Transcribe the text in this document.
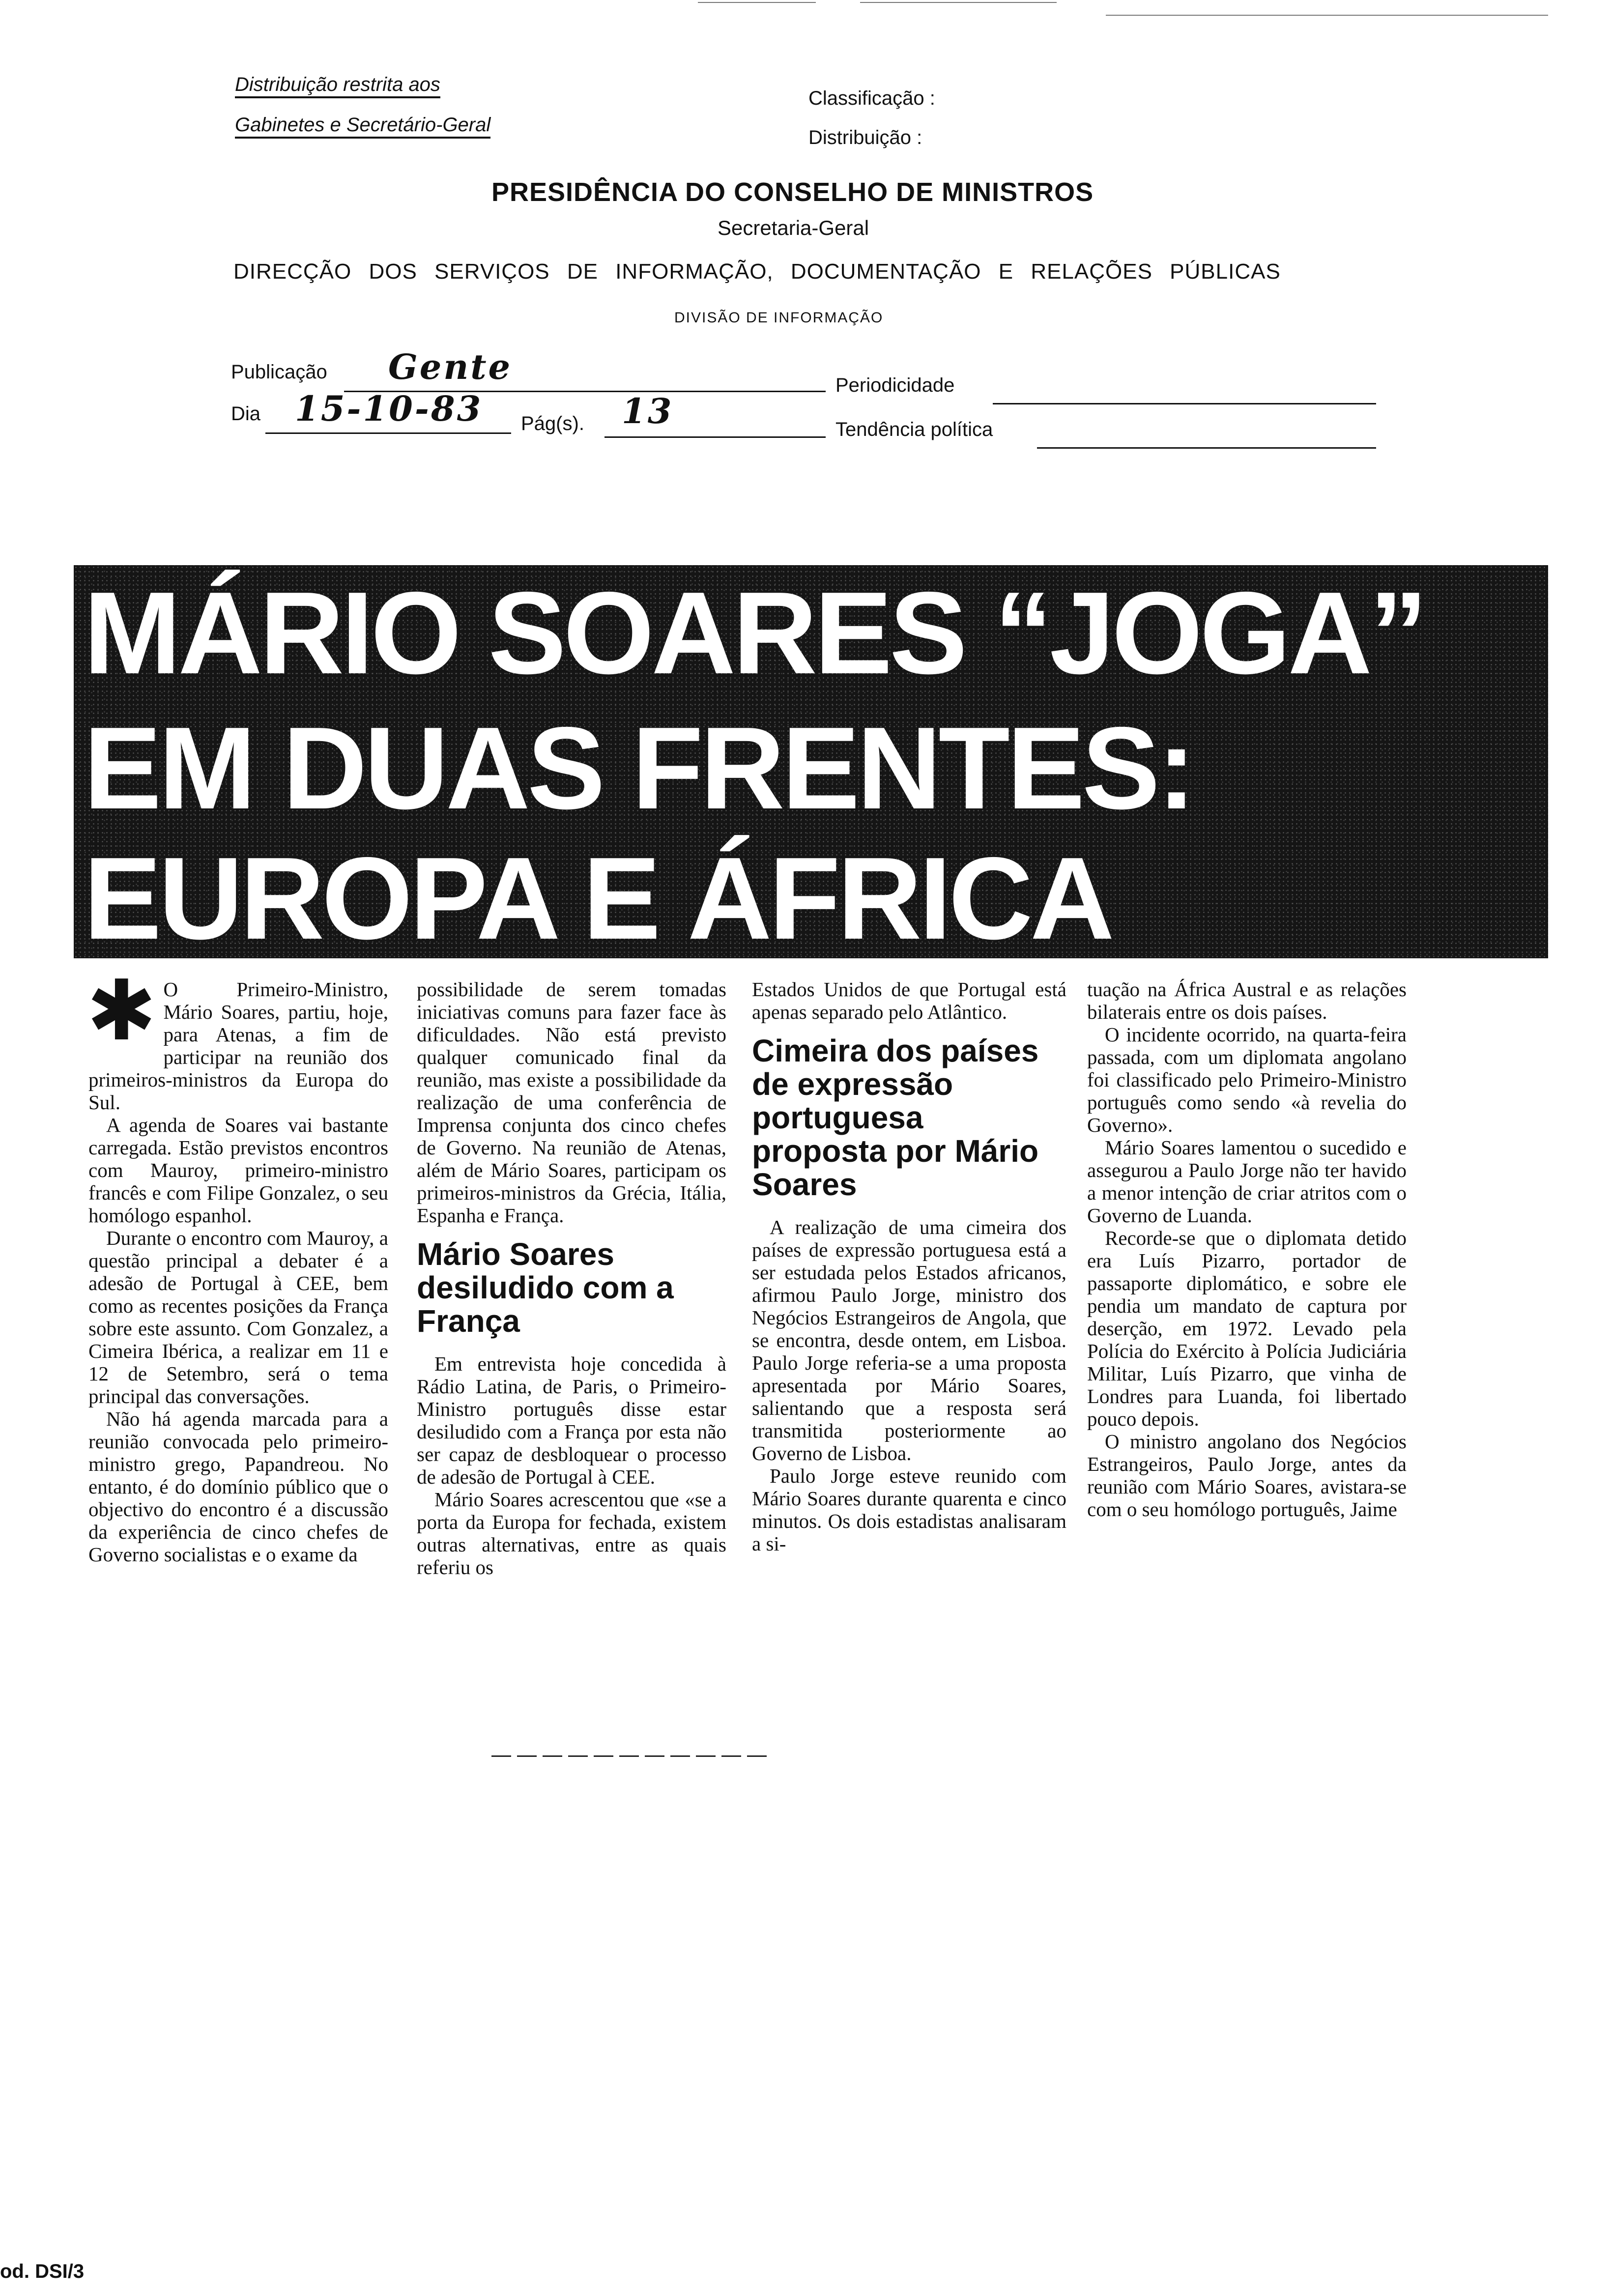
Distribuição restrita aos
Gabinetes e Secretário-Geral
Classificação :
Distribuição :
PRESIDÊNCIA DO CONSELHO DE MINISTROS
Secretaria-Geral
DIRECÇÃO DOS SERVIÇOS DE INFORMAÇÃO, DOCUMENTAÇÃO E RELAÇÕES PÚBLICAS
DIVISÃO DE INFORMAÇÃO
Publicação Gente	Periodicidade
Dia 15-10-83 Pág(s). 13	Tendência política
MÁRIO SOARES “JOGA”
EM DUAS FRENTES:
EUROPA E ÁFRICA
✱ O Primeiro-Ministro, Mário Soares, partiu, hoje, para Atenas, a fim de participar na reunião dos primeiros-ministros da Europa do Sul.

A agenda de Soares vai bastante carregada. Estão previstos encontros com Mauroy, primeiro-ministro francês e com Filipe Gonzalez, o seu homólogo espanhol.

Durante o encontro com Mauroy, a questão principal a debater é a adesão de Portugal à CEE, bem como as recentes posições da França sobre este assunto. Com Gonzalez, a Cimeira Ibérica, a realizar em 11 e 12 de Setembro, será o tema principal das conversações.

Não há agenda marcada para a reunião convocada pelo primeiro-ministro grego, Papandreou. No entanto, é do domínio público que o objectivo do encontro é a discussão da experiência de cinco chefes de Governo socialistas e o exame da

possibilidade de serem tomadas iniciativas comuns para fazer face às dificuldades. Não está previsto qualquer comunicado final da reunião, mas existe a possibilidade da realização de uma conferência de Imprensa conjunta dos cinco chefes de Governo. Na reunião de Atenas, além de Mário Soares, participam os primeiros-ministros da Grécia, Itália, Espanha e França.

Mário Soares desiludido com a França

Em entrevista hoje concedida à Rádio Latina, de Paris, o Primeiro-Ministro português disse estar desiludido com a França por esta não ser capaz de desbloquear o processo de adesão de Portugal à CEE.

Mário Soares acrescentou que «se a porta da Europa for fechada, existem outras alternativas, entre as quais referiu os

Estados Unidos de que Portugal está apenas separado pelo Atlântico.

Cimeira dos países de expressão portuguesa proposta por Mário Soares

A realização de uma cimeira dos países de expressão portuguesa está a ser estudada pelos Estados africanos, afirmou Paulo Jorge, ministro dos Negócios Estrangeiros de Angola, que se encontra, desde ontem, em Lisboa. Paulo Jorge referia-se a uma proposta apresentada por Mário Soares, salientando que a resposta será transmitida posteriormente ao Governo de Lisboa.

Paulo Jorge esteve reunido com Mário Soares durante quarenta e cinco minutos. Os dois estadistas analisaram a si-

tuação na África Austral e as relações bilaterais entre os dois países.

O incidente ocorrido, na quarta-feira passada, com um diplomata angolano foi classificado pelo Primeiro-Ministro português como sendo «à revelia do Governo».

Mário Soares lamentou o sucedido e assegurou a Paulo Jorge não ter havido a menor intenção de criar atritos com o Governo de Luanda.

Recorde-se que o diplomata detido era Luís Pizarro, portador de passaporte diplomático, e sobre ele pendia um mandato de captura por deserção, em 1972. Levado pela Polícia do Exército à Polícia Judiciária Militar, Luís Pizarro, que vinha de Londres para Luanda, foi libertado pouco depois.

O ministro angolano dos Negócios Estrangeiros, Paulo Jorge, antes da reunião com Mário Soares, avistara-se com o seu homólogo português, Jaime

od. DSI/3
